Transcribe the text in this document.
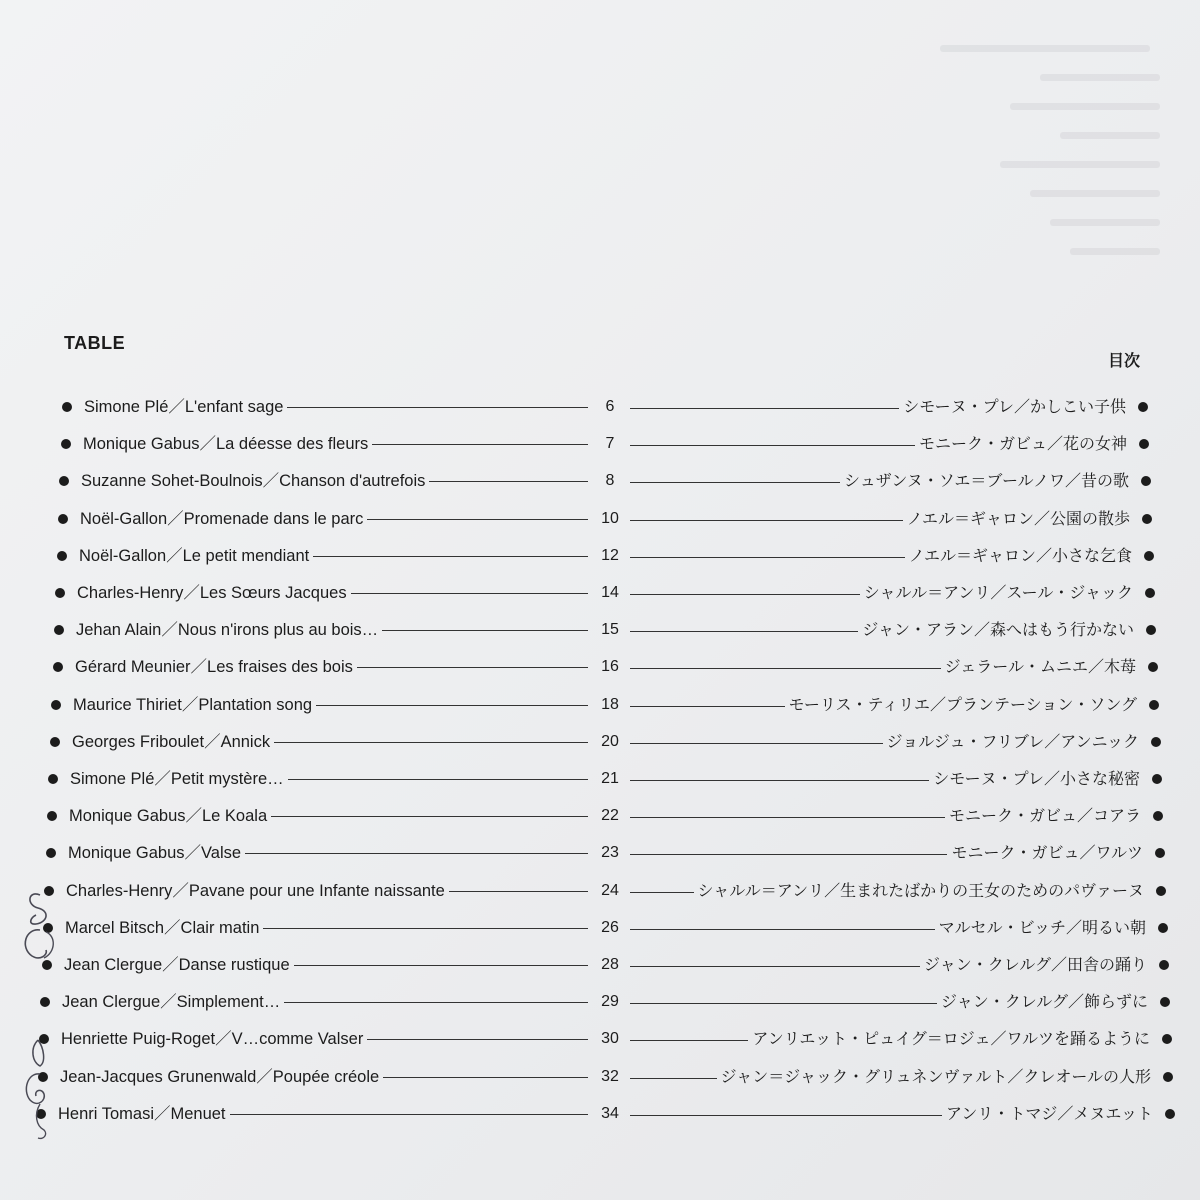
TABLE
目次
Simone Plé／L'enfant sage	6	シモーヌ・プレ／かしこい子供
Monique Gabus／La déesse des fleurs	7	モニーク・ガビュ／花の女神
Suzanne Sohet-Boulnois／Chanson d'autrefois	8	シュザンヌ・ソエ＝ブールノワ／昔の歌
Noël-Gallon／Promenade dans le parc	10	ノエル＝ギャロン／公園の散歩
Noël-Gallon／Le petit mendiant	12	ノエル＝ギャロン／小さな乞食
Charles-Henry／Les Sœurs Jacques	14	シャルル＝アンリ／スール・ジャック
Jehan Alain／Nous n'irons plus au bois…	15	ジャン・アラン／森へはもう行かない
Gérard Meunier／Les fraises des bois	16	ジェラール・ムニエ／木苺
Maurice Thiriet／Plantation song	18	モーリス・ティリエ／プランテーション・ソング
Georges Friboulet／Annick	20	ジョルジュ・フリブレ／アンニック
Simone Plé／Petit mystère…	21	シモーヌ・プレ／小さな秘密
Monique Gabus／Le Koala	22	モニーク・ガビュ／コアラ
Monique Gabus／Valse	23	モニーク・ガビュ／ワルツ
Charles-Henry／Pavane pour une Infante naissante	24	シャルル＝アンリ／生まれたばかりの王女のためのパヴァーヌ
Marcel Bitsch／Clair matin	26	マルセル・ビッチ／明るい朝
Jean Clergue／Danse rustique	28	ジャン・クレルグ／田舎の踊り
Jean Clergue／Simplement…	29	ジャン・クレルグ／飾らずに
Henriette Puig-Roget／V…comme Valser	30	アンリエット・ピュイグ＝ロジェ／ワルツを踊るように
Jean-Jacques Grunenwald／Poupée créole	32	ジャン＝ジャック・グリュネンヴァルト／クレオールの人形
Henri Tomasi／Menuet	34	アンリ・トマジ／メヌエット
